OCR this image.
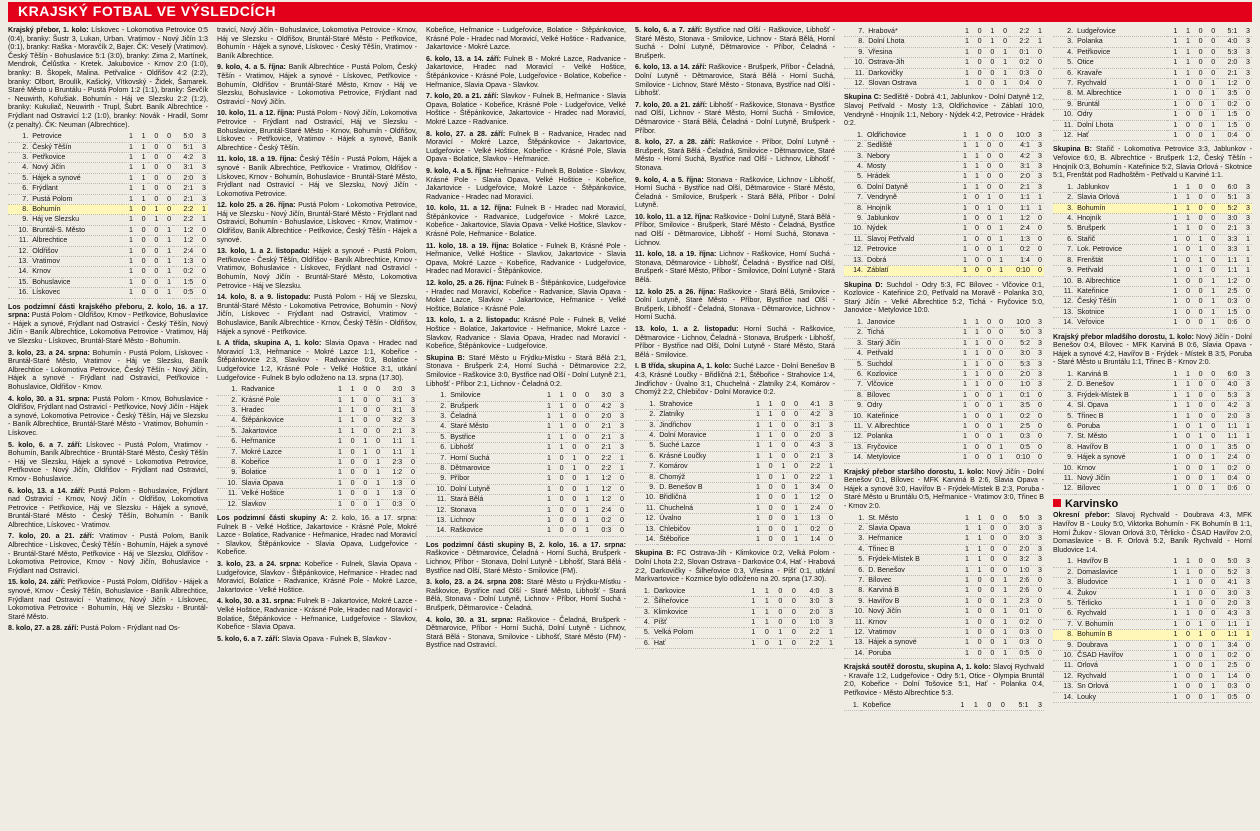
KRAJSKÝ FOTBAL VE VÝSLEDCÍCH

Krajský přebor, 1. kolo: Lískovec - Lokomotiva Petrovice 0:5 (0:4), branky: Šustr 3, Lukan, Urban. Vratimov - Nový Jičín 1:3 (0:1), branky: Raška - Moravčík 2, Bajer. ČK: Veselý (Vratimov). Český Těšín - Bohuslavice 5:1 (3:0), branky: Zima 2, Martínek, Mendrok, Čelůstka - Kretek. Jakubovice - Krnov 2:0 (1:0), branky: B. Škopek, Malina. Petřvalice - Oldřišov 4:2 (2:2), branky: Olbort, Broulík, Kašický, Vítkovský - Židek, Šamarek. Staré Město u Bruntálu - Pustá Polom 1:2 (1:1), branky: Ševčík - Neuwirth, Kořušiak. Bohumín - Háj ve Slezsku 2:2 (1:2), branky: Kukuliač, Neuwirth - Trupl, Šubrt. Baník Albrechtice - Frýdlant nad Ostravicí 1:2 (1:0), branky: Novák - Hradil, Somr (z penalty). ČK: Neuman (Albrechtice).

1.	Petrovice	1	1	0	0	5:0	3
2.	Český Těšín	1	1	0	0	5:1	3
3.	Petřkovice	1	1	0	0	4:2	3
4.	Nový Jičín	1	1	0	0	3:1	3
5.	Hájek a synové	1	1	0	0	2:0	3
6.	Frýdlant	1	1	0	0	2:1	3
7.	Pustá Polom	1	1	0	0	2:1	3
8.	Bohumín	1	0	1	0	2:2	1
9.	Háj ve Slezsku	1	0	1	0	2:2	1
10.	Bruntál-S. Město	1	0	0	1	1:2	0
11.	Albrechtice	1	0	0	1	1:2	0
12.	Oldřišov	1	0	0	1	2:4	0
13.	Vratimov	1	0	0	1	1:3	0
14.	Krnov	1	0	0	1	0:2	0
15.	Bohuslavice	1	0	0	1	1:5	0
16.	Lískovec	1	0	0	1	0:5	0

Los podzimní části krajského přeboru, 2. kolo, 16. a 17. srpna: Pustá Polom - Oldřišov, Krnov - Petřkovice, Bohuslavice - Hájek a synové, Frýdlant nad Ostravicí - Český Těšín, Nový Jičín - Baník Albrechtice, Lokomotiva Petrovice - Vratimov, Háj ve Slezsku - Lískovec, Bruntál-Staré Město - Bohumín.

3. kolo, 23. a 24. srpna: Bohumín - Pustá Polom, Lískovec - Bruntál-Staré Město, Vratimov - Háj ve Slezsku, Baník Albrechtice - Lokomotiva Petrovice, Český Těšín - Nový Jičín, Hájek a synové - Frýdlant nad Ostravicí, Petřkovice - Bohuslavice, Oldřišov - Krnov.

4. kolo, 30. a 31. srpna: Pustá Polom - Krnov, Bohuslavice - Oldřišov, Frýdlant nad Ostravicí - Petřkovice, Nový Jičín - Hájek a synové, Lokomotiva Petrovice - Český Těšín, Háj ve Slezsku - Baník Albrechtice, Bruntál-Staré Město - Vratimov, Bohumín - Lískovec.

5. kolo, 6. a 7. září: Lískovec - Pustá Polom, Vratimov - Bohumín, Baník Albrechtice - Bruntál-Staré Město, Český Těšín - Háj ve Slezsku, Hájek a synové - Lokomotiva Petrovice, Petřkovice - Nový Jičín, Oldřišov - Frýdlant nad Ostravicí, Krnov - Bohuslavice.

6. kolo, 13. a 14. září: Pustá Polom - Bohuslavice, Frýdlant nad Ostravicí - Krnov, Nový Jičín - Oldřišov, Lokomotiva Petrovice - Petřkovice, Háj ve Slezsku - Hájek a synové, Bruntál-Staré Město - Český Těšín, Bohumín - Baník Albrechtice, Lískovec - Vratimov.

7. kolo, 20. a 21. září: Vratimov - Pustá Polom, Baník Albrechtice - Lískovec, Český Těšín - Bohumín, Hájek a synové - Bruntál-Staré Město, Petřkovice - Háj ve Slezsku, Oldřišov - Lokomotiva Petrovice, Krnov - Nový Jičín, Bohuslavice - Frýdlant nad Ostravicí.

15. kolo, 24. září: Petřkovice - Pustá Polom, Oldřišov - Hájek a synové, Krnov - Český Těšín, Bohuslavice - Baník Albrechtice, Frýdlant nad Ostravicí - Vratimov, Nový Jičín - Lískovec, Lokomotiva Petrovice - Bohumín, Háj ve Slezsku - Bruntál-Staré Město.

8. kolo, 27. a 28. září: Pustá Polom - Frýdlant nad Os-

travicí, Nový Jičín - Bohuslavice, Lokomotiva Petrovice - Krnov, Háj ve Slezsku - Oldřišov, Bruntál-Staré Město - Petřkovice, Bohumín - Hájek a synové, Lískovec - Český Těšín, Vratimov - Baník Albrechtice.

9. kolo, 4. a 5. října: Baník Albrechtice - Pustá Polom, Český Těšín - Vratimov, Hájek a synové - Lískovec, Petřkovice - Bohumín, Oldřišov - Bruntál-Staré Město, Krnov - Háj ve Slezsku, Bohuslavice - Lokomotiva Petrovice, Frýdlant nad Ostravicí - Nový Jičín.

10. kolo, 11. a 12. října: Pustá Polom - Nový Jičín, Lokomotiva Petrovice - Frýdlant nad Ostravicí, Háj ve Slezsku - Bohuslavice, Bruntál-Staré Město - Krnov, Bohumín - Oldřišov, Lískovec - Petřkovice, Vratimov - Hájek a synové, Baník Albrechtice - Český Těšín.

11. kolo, 18. a 19. října: Český Těšín - Pustá Polom, Hájek a synové - Baník Albrechtice, Petřkovice - Vratimov, Oldřišov - Lískovec, Krnov - Bohumín, Bohuslavice - Bruntál-Staré Město, Frýdlant nad Ostravicí - Háj ve Slezsku, Nový Jičín - Lokomotiva Petrovice.

12. kolo 25. a 26. října: Pustá Polom - Lokomotiva Petrovice, Háj ve Slezsku - Nový Jičín, Bruntál-Staré Město - Frýdlant nad Ostravicí, Bohumín - Bohuslavice, Lískovec - Krnov, Vratimov - Oldřišov, Baník Albrechtice - Petřkovice, Český Těšín - Hájek a synové.

13. kolo, 1. a 2. listopadu: Hájek a synové - Pustá Polom, Petřkovice - Český Těšín, Oldřišov - Baník Albrechtice, Krnov - Vratimov, Bohuslavice - Lískovec, Frýdlant nad Ostravicí - Bohumín, Nový Jičín - Bruntál-Staré Město, Lokomotiva Petrovice - Háj ve Slezsku.

14. kolo, 8. a 9. listopadu: Pustá Polom - Háj ve Slezsku, Bruntál-Staré Město - Lokomotiva Petrovice, Bohumín - Nový Jičín, Lískovec - Frýdlant nad Ostravicí, Vratimov - Bohuslavice, Baník Albrechtice - Krnov, Český Těšín - Oldřišov, Hájek a synové - Petřkovice.

I. A třída, skupina A, 1. kolo: Slavia Opava - Hradec nad Moravicí 1:3, Heřmanice - Mokré Lazce 1:1, Kobeřice - Štěpánkovice 2:3, Slavkov - Radvanice 0:3, Bolatice - Ludgeřovice 1:2, Krásné Pole - Velké Hoštice 3:1, utkání Ludgeřovice - Fulnek B bylo odloženo na 13. srpna (17.30).

1.	Radvanice	1	1	0	0	3:0	3
2.	Krásné Pole	1	1	0	0	3:1	3
3.	Hradec	1	1	0	0	3:1	3
4.	Štěpánkovice	1	1	0	0	3:2	3
5.	Jakartovice	1	1	0	0	2:1	3
6.	Heřmanice	1	0	1	0	1:1	1
7.	Mokré Lazce	1	0	1	0	1:1	1
8.	Kobeřice	1	0	0	1	2:3	0
9.	Bolatice	1	0	0	1	1:2	0
10.	Slavia Opava	1	0	0	1	1:3	0
11.	Velké Hoštice	1	0	0	1	1:3	0
12.	Slavkov	1	0	0	1	0:3	0

Los podzimní části skupiny A: 2. kolo, 16. a 17. srpna: Fulnek B - Velké Hoštice, Jakartovice - Krásné Pole, Mokré Lazce - Bolatice, Radvanice - Heřmanice, Hradec nad Moravicí - Slavkov, Štěpánkovice - Slavia Opava, Ludgeřovice - Kobeřice.

3. kolo, 23. a 24. srpna: Kobeřice - Fulnek, Slavia Opava - Ludgeřovice, Slavkov - Štěpánkovice, Heřmanice - Hradec nad Moravicí, Bolatice - Radvanice, Krásné Pole - Mokré Lazce, Jakartovice - Velké Hoštice.

4. kolo, 30. a 31. srpna: Fulnek B - Jakartovice, Mokré Lazce - Velké Hoštice, Radvanice - Krásné Pole, Hradec nad Moravicí - Bolatice, Štěpánkovice - Heřmanice, Ludgeřovice - Slavkov, Kobeřice - Slavia Opava.

5. kolo, 6. a 7. září: Slavia Opava - Fulnek B, Slavkov -

Kobeřice, Heřmanice - Ludgeřovice, Bolatice - Štěpánkovice, Krásné Pole - Hradec nad Moravicí, Velké Hoštice - Radvanice, Jakartovice - Mokré Lazce.

6. kolo, 13. a 14. září: Fulnek B - Mokré Lazce, Radvanice - Jakartovice, Hradec nad Moravicí - Velké Hoštice, Štěpánkovice - Krásné Pole, Ludgeřovice - Bolatice, Kobeřice - Heřmanice, Slavia Opava - Slavkov.

7. kolo, 20. a 21. září: Slavkov - Fulnek B, Heřmanice - Slavia Opava, Bolatice - Kobeřice, Krásné Pole - Ludgeřovice, Velké Hoštice - Štěpánkovice, Jakartovice - Hradec nad Moravicí, Mokré Lazce - Radvanice.

8. kolo, 27. a 28. září: Fulnek B - Radvanice, Hradec nad Moravicí - Mokré Lazce, Štěpánkovice - Jakartovice, Ludgeřovice - Velké Hoštice, Kobeřice - Krásné Pole, Slavia Opava - Bolatice, Slavkov - Heřmanice.

9. kolo, 4. a 5. října: Heřmanice - Fulnek B, Bolatice - Slavkov, Krásné Pole - Slavia Opava, Velké Hoštice - Kobeřice, Jakartovice - Ludgeřovice, Mokré Lazce - Štěpánkovice, Radvanice - Hradec nad Moravicí.

10. kolo, 11. a 12. října: Fulnek B - Hradec nad Moravicí, Štěpánkovice - Radvanice, Ludgeřovice - Mokré Lazce, Kobeřice - Jakartovice, Slavia Opava - Velké Hoštice, Slavkov - Krásné Pole, Heřmanice - Bolatice.

11. kolo, 18. a 19. října: Bolatice - Fulnek B, Krásné Pole - Heřmanice, Velké Hoštice - Slavkov, Jakartovice - Slavia Opava, Mokré Lazce - Kobeřice, Radvanice - Ludgeřovice, Hradec nad Moravicí - Štěpánkovice.

12. kolo, 25. a 26. října: Fulnek B - Štěpánkovice, Ludgeřovice - Hradec nad Moravicí, Kobeřice - Radvanice, Slavia Opava - Mokré Lazce, Slavkov - Jakartovice, Heřmanice - Velké Hoštice, Bolatice - Krásné Pole.

13. kolo, 1. a 2. listopadu: Krásné Pole - Fulnek B, Velké Hoštice - Bolatice, Jakartovice - Heřmanice, Mokré Lazce - Slavkov, Radvanice - Slavia Opava, Hradec nad Moravicí - Kobeřice, Štěpánkovice - Ludgeřovice.

Skupina B: Staré Město u Frýdku-Místku - Stará Bělá 2:1, Stonava - Brušperk 2:4, Horní Suchá - Dětmarovice 2:2, Smilovice - Raškovice 3:0, Bystřice nad Olší - Dolní Lutyně 2:1, Libhošť - Příbor 2:1, Lichnov - Čeladná 0:2.

1.	Smilovice	1	1	0	0	3:0	3
2.	Brušperk	1	1	0	0	4:2	3
3.	Čeladná	1	1	0	0	2:0	3
4.	Staré Město	1	1	0	0	2:1	3
5.	Bystřice	1	1	0	0	2:1	3
6.	Libhošť	1	1	0	0	2:1	3
7.	Horní Suchá	1	0	1	0	2:2	1
8.	Dětmarovice	1	0	1	0	2:2	1
9.	Příbor	1	0	0	1	1:2	0
10.	Dolní Lutyně	1	0	0	1	1:2	0
11.	Stará Bělá	1	0	0	1	1:2	0
12.	Stonava	1	0	0	1	2:4	0
13.	Lichnov	1	0	0	1	0:2	0
14.	Raškovice	1	0	0	1	0:3	0

Los podzimní části skupiny B, 2. kolo, 16. a 17. srpna: Raškovice - Dětmarovice, Čeladná - Horní Suchá, Brušperk - Lichnov, Příbor - Stonava, Dolní Lutyně - Libhošť, Stará Bělá - Bystřice nad Olší, Staré Město - Smilovice (FM).

3. kolo, 23. a 24. srpna 208: Staré Město u Frýdku-Místku - Raškovice, Bystřice nad Olší - Staré Město, Libhošť - Stará Bělá, Stonava - Dolní Lutyně, Lichnov - Příbor, Horní Suchá - Brušperk, Dětmarovice - Čeladná.

4. kolo, 30. a 31. srpna: Raškovice - Čeladná, Brušperk - Dětmarovice, Příbor - Horní Suchá, Dolní Lutyně - Lichnov, Stará Bělá - Stonava, Smilovice - Libhošť, Staré Město (FM) - Bystřice nad Ostravicí.

5. kolo, 6. a 7. září: Bystřice nad Olší - Raškovice, Libhošť - Staré Město, Stonava - Smilovice, Lichnov - Stará Bělá, Horní Suchá - Dolní Lutyně, Dětmarovice - Příbor, Čeladná - Brušperk.

6. kolo, 13. a 14. září: Raškovice - Brušperk, Příbor - Čeladná, Dolní Lutyně - Dětmarovice, Stará Bělá - Horní Suchá, Smilovice - Lichnov, Staré Město - Stonava, Bystřice nad Olší - Libhošť.

7. kolo, 20. a 21. září: Libhošť - Raškovice, Stonava - Bystřice nad Olší, Lichnov - Staré Město, Horní Suchá - Smilovice, Dětmarovice - Stará Bělá, Čeladná - Dolní Lutyně, Brušperk - Příbor.

8. kolo, 27. a 28. září: Raškovice - Příbor, Dolní Lutyně - Brušperk, Stará Bělá - Čeladná, Smilovice - Dětmarovice, Staré Město - Horní Suchá, Bystřice nad Olší - Lichnov, Libhošť - Stonava.

9. kolo, 4. a 5. října: Stonava - Raškovice, Lichnov - Libhošť, Horní Suchá - Bystřice nad Olší, Dětmarovice - Staré Město, Čeladná - Smilovice, Brušperk - Stará Bělá, Příbor - Dolní Lutyně.

10. kolo, 11. a 12. října: Raškovice - Dolní Lutyně, Stará Bělá - Příbor, Smilovice - Brušperk, Staré Město - Čeladná, Bystřice nad Olší - Dětmarovice, Libhošť - Horní Suchá, Stonava - Lichnov.

11. kolo, 18. a 19. října: Lichnov - Raškovice, Horní Suchá - Stonava, Dětmarovice - Libhošť, Čeladná - Bystřice nad Olší, Brušperk - Staré Město, Příbor - Smilovice, Dolní Lutyně - Stará Bělá.

12. kolo 25. a 26. října: Raškovice - Stará Bělá, Smilovice - Dolní Lutyně, Staré Město - Příbor, Bystřice nad Olší - Brušperk, Libhošť - Čeladná, Stonava - Dětmarovice, Lichnov - Horní Suchá.

13. kolo, 1. a 2. listopadu: Horní Suchá - Raškovice, Dětmarovice - Lichnov, Čeladná - Stonava, Brušperk - Libhošť, Příbor - Bystřice nad Olší, Dolní Lutyně - Staré Město, Stará Bělá - Smilovice.

I. B třída, skupina A, 1. kolo: Suché Lazce - Dolní Benešov B 4:3, Krásné Loučky - Břidličná 2:1, Štěbořice - Strahovice 1:4, Jindřichov - Úvalno 3:1, Chuchelná - Zlatníky 2:4, Komárov - Chomýž 2:2, Chlebičov - Dolní Moravice 0:2.

1.	Strahovice	1	1	0	0	4:1	3
2.	Zlatníky	1	1	0	0	4:2	3
3.	Jindřichov	1	1	0	0	3:1	3
4.	Dolní Moravice	1	1	0	0	2:0	3
5.	Suché Lazce	1	1	0	0	4:3	3
6.	Krásné Loučky	1	1	0	0	2:1	3
7.	Komárov	1	0	1	0	2:2	1
8.	Chomýž	1	0	1	0	2:2	1
9.	D. Benešov B	1	0	0	1	3:4	0
10.	Břidličná	1	0	0	1	1:2	0
11.	Chuchelná	1	0	0	1	2:4	0
12.	Úvalno	1	0	0	1	1:3	0
13.	Chlebičov	1	0	0	1	0:2	0
14.	Štěbořice	1	0	0	1	1:4	0

Skupina B: FC Ostrava-Jih - Klimkovice 0:2, Velká Polom - Dolní Lhota 2:2, Slovan Ostrava - Darkovice 0:4, Hať - Hrabová 2:2, Darkovičky - Šilheřovice 0:3, Vřesina - Píšť 0:1, utkání Markvartovice - Kozmice bylo odloženo na 20. srpna (17.30).

1.	Darkovice	1	1	0	0	4:0	3
2.	Šilheřovice	1	1	0	0	3:0	3
3.	Klimkovice	1	1	0	0	2:0	3
4.	Píšť	1	1	0	0	1:0	3
5.	Velká Polom	1	0	1	0	2:2	1
6.	Hať	1	0	1	0	2:2	1
7.	Hrabová*	1	0	1	0	2:2	1
8.	Dolní Lhota	1	0	1	0	2:2	1
9.	Vřesina	1	0	0	1	0:1	0
10.	Ostrava-Jih	1	0	0	1	0:2	0
11.	Darkovičky	1	0	0	1	0:3	0
12.	Slovan Ostrava	1	0	0	1	0:4	0

Skupina C: Sedliště - Dobrá 4:1, Jablunkov - Dolní Datyně 1:2, Slavoj Petřvald - Mosty 1:3, Oldřichovice - Záblatí 10:0, Vendryně - Hnojník 1:1, Nebory - Nýdek 4:2, Petrovice - Hrádek 0:2.

1.	Oldřichovice	1	1	0	0	10:0	3
2.	Sedliště	1	1	0	0	4:1	3
3.	Nebory	1	1	0	0	4:2	3
4.	Mosty	1	1	0	0	3:1	3
5.	Hrádek	1	1	0	0	2:0	3
6.	Dolní Datyně	1	1	0	0	2:1	3
7.	Vendryně	1	0	1	0	1:1	1
8.	Hnojník	1	0	1	0	1:1	1
9.	Jablunkov	1	0	0	1	1:2	0
10.	Nýdek	1	0	0	1	2:4	0
11.	Slavoj Petřvald	1	0	0	1	1:3	0
12.	Petrovice	1	0	0	1	0:2	0
13.	Dobrá	1	0	0	1	1:4	0
14.	Záblatí	1	0	0	1	0:10	0

Skupina D: Suchdol - Odry 5:3, FC Bílovec - Vlčovice 0:1, Kozlovice - Kateřinice 2:0, Petřvald na Moravě - Polanka 3:0, Starý Jičín - Velké Albrechtice 5:2, Tichá - Fryčovice 5:0, Janovice - Metylovice 10:0.

1.	Janovice	1	1	0	0	10:0	3
2.	Tichá	1	1	0	0	5:0	3
3.	Starý Jičín	1	1	0	0	5:2	3
4.	Petřvald	1	1	0	0	3:0	3
5.	Suchdol	1	1	0	0	5:3	3
6.	Kozlovice	1	1	0	0	2:0	3
7.	Vlčovice	1	1	0	0	1:0	3
8.	Bílovec	1	0	0	1	0:1	0
9.	Odry	1	0	0	1	3:5	0
10.	Kateřinice	1	0	0	1	0:2	0
11.	V. Albrechtice	1	0	0	1	2:5	0
12.	Polanka	1	0	0	1	0:3	0
13.	Fryčovice	1	0	0	1	0:5	0
14.	Metylovice	1	0	0	1	0:10	0

Krajský přebor staršího dorostu, 1. kolo: Nový Jičín - Dolní Benešov 0:1, Bílovec - MFK Karviná B 2:6, Slavia Opava - Hájek a synové 3:0, Havířov B - Frýdek-Místek B 2:3, Poruba - Staré Město u Bruntálu 0:5, Heřmanice - Vratimov 3:0, Třinec B - Krnov 2:0.

1.	St. Město	1	1	0	0	5:0	3
2.	Slavia Opava	1	1	0	0	3:0	3
3.	Heřmanice	1	1	0	0	3:0	3
4.	Třinec B	1	1	0	0	2:0	3
5.	Frýdek-Místek B	1	1	0	0	3:2	3
6.	D. Benešov	1	1	0	0	1:0	3
7.	Bílovec	1	0	0	1	2:6	0
8.	Karviná B	1	0	0	1	2:6	0
9.	Havířov B	1	0	0	1	2:3	0
10.	Nový Jičín	1	0	0	1	0:1	0
11.	Krnov	1	0	0	1	0:2	0
12.	Vratimov	1	0	0	1	0:3	0
13.	Hájek a synové	1	0	0	1	0:3	0
14.	Poruba	1	0	0	1	0:5	0

Krajská soutěž dorostu, skupina A, 1. kolo: Slavoj Rychvald - Kravaře 1:2, Ludgeřovice - Odry 5:1, Otice - Olympia Bruntál 2:0, Kobeřice - Dolní Tošovice 5:1, Hať - Polanka 0:4, Petřkovice - Město Albrechtice 5:3.

1.	Kobeřice	1	1	0	0	5:1	3
2.	Ludgeřovice	1	1	0	0	5:1	3
3.	Polanka	1	1	0	0	4:0	3
4.	Petřkovice	1	1	0	0	5:3	3
5.	Otice	1	1	0	0	2:0	3
6.	Kravaře	1	1	0	0	2:1	3
7.	Rychvald	1	0	0	1	1:2	0
8.	M. Albrechtice	1	0	0	1	3:5	0
9.	Bruntál	1	0	0	1	0:2	0
10.	Odry	1	0	0	1	1:5	0
11.	Dolní Lhota	1	0	0	1	1:5	0
12.	Hať	1	0	0	1	0:4	0

Skupina B: Stařič - Lokomotiva Petrovice 3:3, Jablunkov - Veřovice 6:0, B. Albrechtice - Brušperk 1:2, Český Těšín - Hnojník 0:3, Bohumín - Kateřinice 5:2, Slavia Orlová - Skotnice 5:1, Frenštát pod Radhoštěm - Petřvald u Karviné 1:1.

1.	Jablunkov	1	1	0	0	6:0	3
2.	Slavia Orlová	1	1	0	0	5:1	3
3.	Bohumín	1	1	0	0	5:2	3
4.	Hnojník	1	1	0	0	3:0	3
5.	Brušperk	1	1	0	0	2:1	3
6.	Stařič	1	0	1	0	3:3	1
7.	Lok. Petrovice	1	0	1	0	3:3	1
8.	Frenštát	1	0	1	0	1:1	1
9.	Petřvald	1	0	1	0	1:1	1
10.	B. Albrechtice	1	0	0	1	1:2	0
11.	Kateřinice	1	0	0	1	2:5	0
12.	Český Těšín	1	0	0	1	0:3	0
13.	Skotnice	1	0	0	1	1:5	0
14.	Veřovice	1	0	0	1	0:6	0

Krajský přebor mladšího dorostu, 1. kolo: Nový Jičín - Dolní Benešov 0:4, Bílovec - MFK Karviná B 0:6, Slavia Opava - Hájek a synové 4:2, Havířov B - Frýdek - Místek B 3:5, Poruba - Staré Město u Bruntálu 1:1, Třinec B - Krnov 2:0.

1.	Karviná B	1	1	0	0	6:0	3
2.	D. Benešov	1	1	0	0	4:0	3
3.	Frýdek-Místek B	1	1	0	0	5:3	3
4.	Sl. Opava	1	1	0	0	4:2	3
5.	Třinec B	1	1	0	0	2:0	3
6.	Poruba	1	0	1	0	1:1	1
7.	St. Město	1	0	1	0	1:1	1
8.	Havířov B	1	0	0	1	3:5	0
9.	Hájek a synové	1	0	0	1	2:4	0
10.	Krnov	1	0	0	1	0:2	0
11.	Nový Jičín	1	0	0	1	0:4	0
12.	Bílovec	1	0	0	1	0:6	0
Karvinsko

Okresní přebor: Slavoj Rychvald - Doubrava 4:3, MFK Havířov B - Louky 5:0, Viktorka Bohumín - FK Bohumín B 1:1, Horní Žukov - Slovan Orlová 3:0, Těrlicko - ČSAD Havířov 2:0, Domaslavice - B. F. Orlová 5:2, Baník Rychvald - Horní Bludovice 1:4.

1.	Havířov B	1	1	0	0	5:0	3
2.	Domaslavice	1	1	0	0	5:2	3
3.	Bludovice	1	1	0	0	4:1	3
4.	Žukov	1	1	0	0	3:0	3
5.	Těrlicko	1	1	0	0	2:0	3
6.	Rychvald	1	1	0	0	4:3	3
7.	V. Bohumín	1	0	1	0	1:1	1
8.	Bohumín B	1	0	1	0	1:1	1
9.	Doubrava	1	0	0	1	3:4	0
10.	ČSAD Havířov	1	0	0	1	0:2	0
11.	Orlová	1	0	0	1	2:5	0
12.	Rychvald	1	0	0	1	1:4	0
13.	Sn Orlová	1	0	0	1	0:3	0
14.	Louky	1	0	0	1	0:5	0
